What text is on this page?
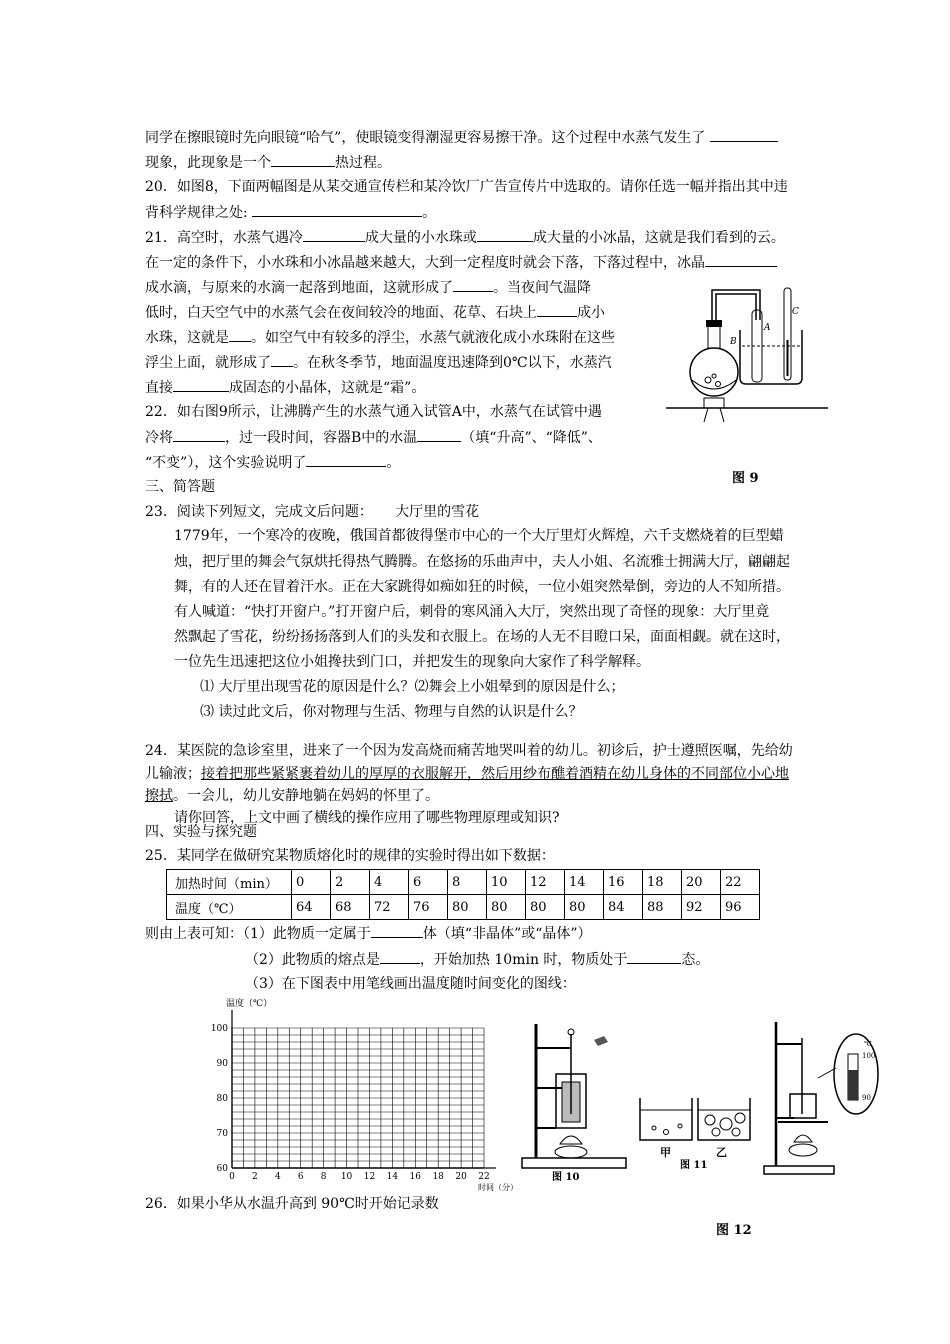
同学在擦眼镜时先向眼镜“哈气”，使眼镜变得潮湿更容易擦干净。这个过程中水蒸气发生了
现象，此现象是一个	热过程。
20．如图8，下面两幅图是从某交通宣传栏和某冷饮厂广告宣传片中选取的。请你任选一幅并指出其中违
背科学规律之处:	。
21．高空时，水蒸气遇冷	成大量的小水珠或	成大量的小冰晶，这就是我们看到的云。
在一定的条件下，小水珠和小冰晶越来越大，大到一定程度时就会下落，下落过程中，冰晶
成水滴，与原来的水滴一起落到地面，这就形成了	。当夜间气温降
低时，白天空气中的水蒸气会在夜间较冷的地面、花草、石块上	成小
水珠，这就是 。如空气中有较多的浮尘，水蒸气就液化成小水珠附在这些
浮尘上面，就形成了 。在秋冬季节，地面温度迅速降到0℃以下，水蒸汽
直接	成固态的小晶体，这就是“霜”。
22．如右图9所示，让沸腾产生的水蒸气通入试管A中，水蒸气在试管中遇
冷将	，过一段时间，容器B中的水温	（填“升高”、“降低”、
“不变”），这个实验说明了	。
A
B
C
图 9
三、简答题
23．阅读下列短文，完成文后问题： 大厅里的雪花
1779年，一个寒冷的夜晚，俄国首都彼得堡市中心的一个大厅里灯火辉煌，六千支燃烧着的巨型蜡
烛，把厅里的舞会气氛烘托得热气腾腾。在悠扬的乐曲声中，夫人小姐、名流雅士拥满大厅，翩翩起
舞，有的人还在冒着汗水。正在大家跳得如痴如狂的时候，一位小姐突然晕倒，旁边的人不知所措。
有人喊道：“快打开窗户。”打开窗户后，刺骨的寒风涌入大厅，突然出现了奇怪的现象：大厅里竟
然飘起了雪花，纷纷扬扬落到人们的头发和衣服上。在场的人无不目瞪口呆，面面相觑。就在这时，
一位先生迅速把这位小姐搀扶到门口，并把发生的现象向大家作了科学解释。
⑴ 大厅里出现雪花的原因是什么？⑵舞会上小姐晕到的原因是什么；
⑶ 读过此文后，你对物理与生活、物理与自然的认识是什么？
24．某医院的急诊室里，进来了一个因为发高烧而痛苦地哭叫着的幼儿。初诊后，护士遵照医嘱，先给幼
儿输液；接着把那些紧紧裹着幼儿的厚厚的衣服解开，然后用纱布醮着酒精在幼儿身体的不同部位小心地
擦拭。一会儿，幼儿安静地躺在妈妈的怀里了。
请你回答，上文中画了横线的操作应用了哪些物理原理或知识?
四、实验与探究题
25．某同学在做研究某物质熔化时的规律的实验时得出如下数据：
加热时间（min）	0	2	4	6	8	10	12	14	16	18	20	22
温度（℃）	64	68	72	76	80	80	80	80	84	88	92	96
则由上表可知：（1）此物质一定属于	体（填“非晶体”或“晶体”）
（2）此物质的熔点是	，开始加热 10min 时，物质处于	态。
（3）在下图表中用笔线画出温度随时间变化的图线：
温度（℃）
100
90
80
70
60
0 2 4 6 8 10 12 14 16 18 20 22
时间（分）
图 10
甲	乙
图 11
℃
100
90
图 12
26．如果小华从水温升高到 90℃时开始记录数
